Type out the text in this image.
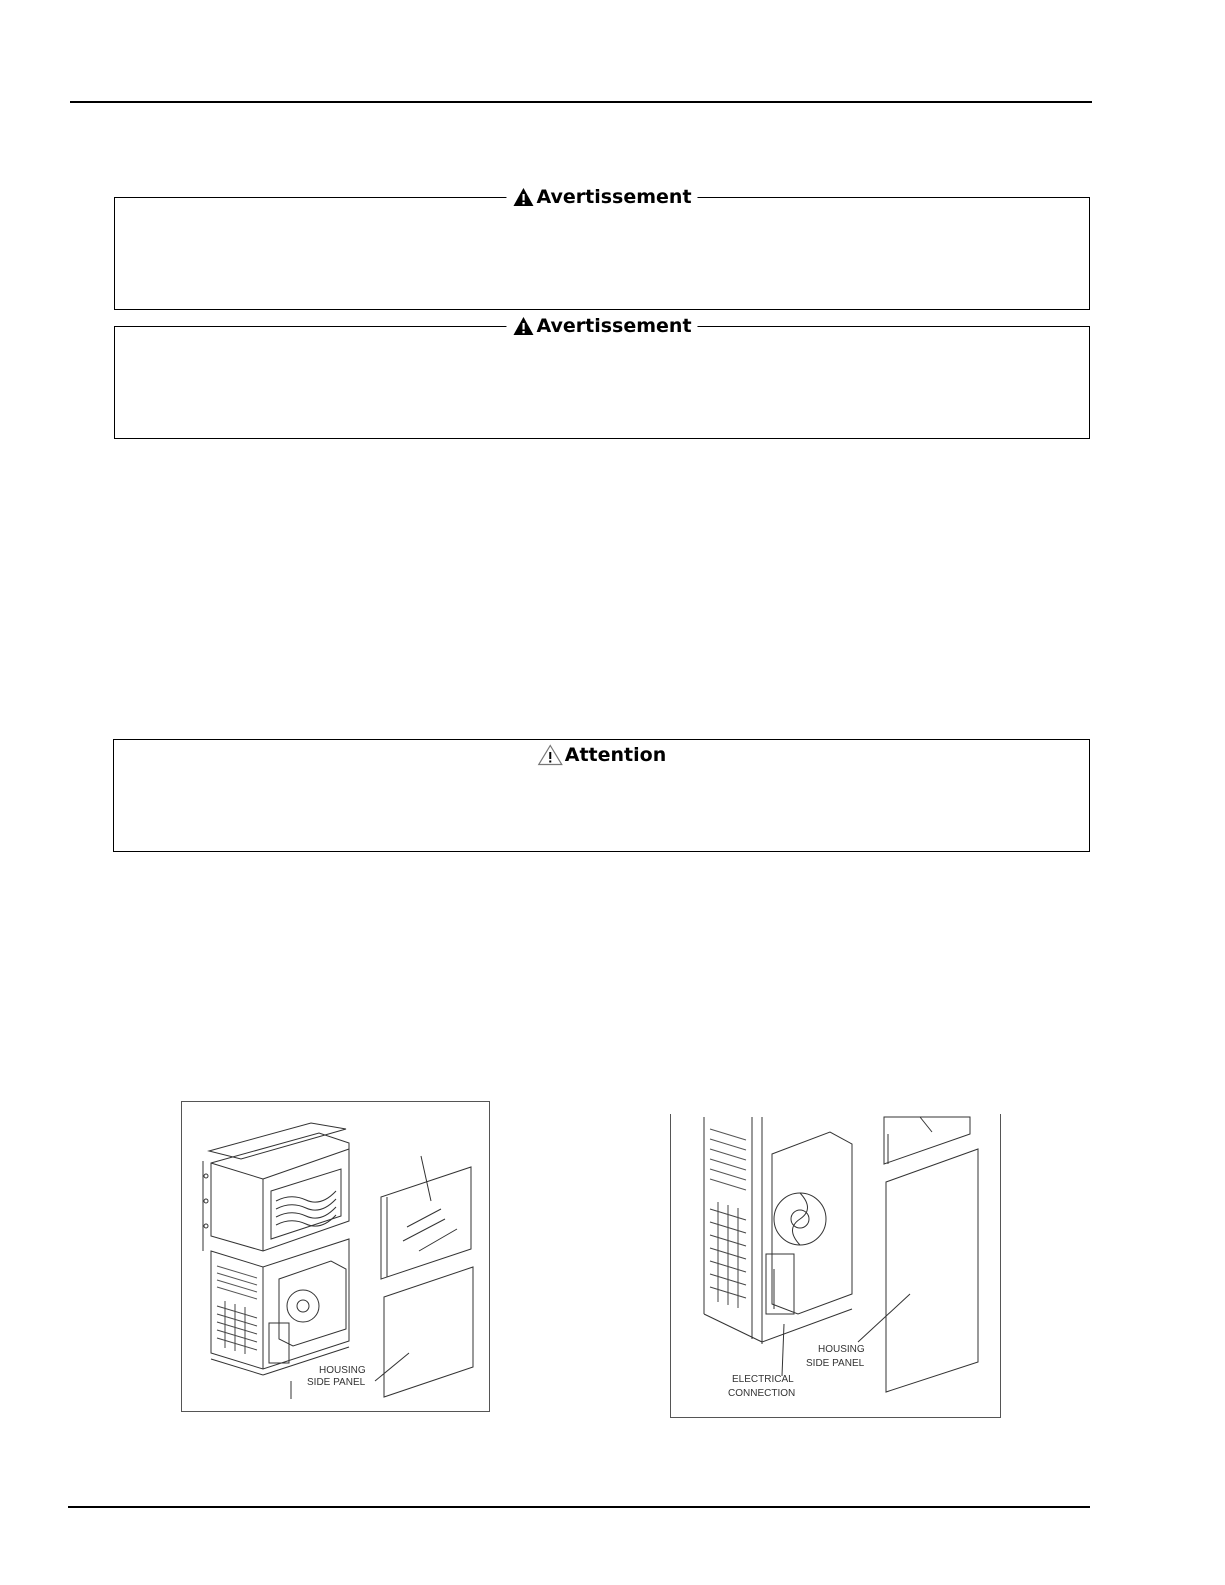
Avertissement
Avertissement
Attention
HOUSING
SIDE PANEL
HOUSING
SIDE PANEL
ELECTRICAL
CONNECTION
